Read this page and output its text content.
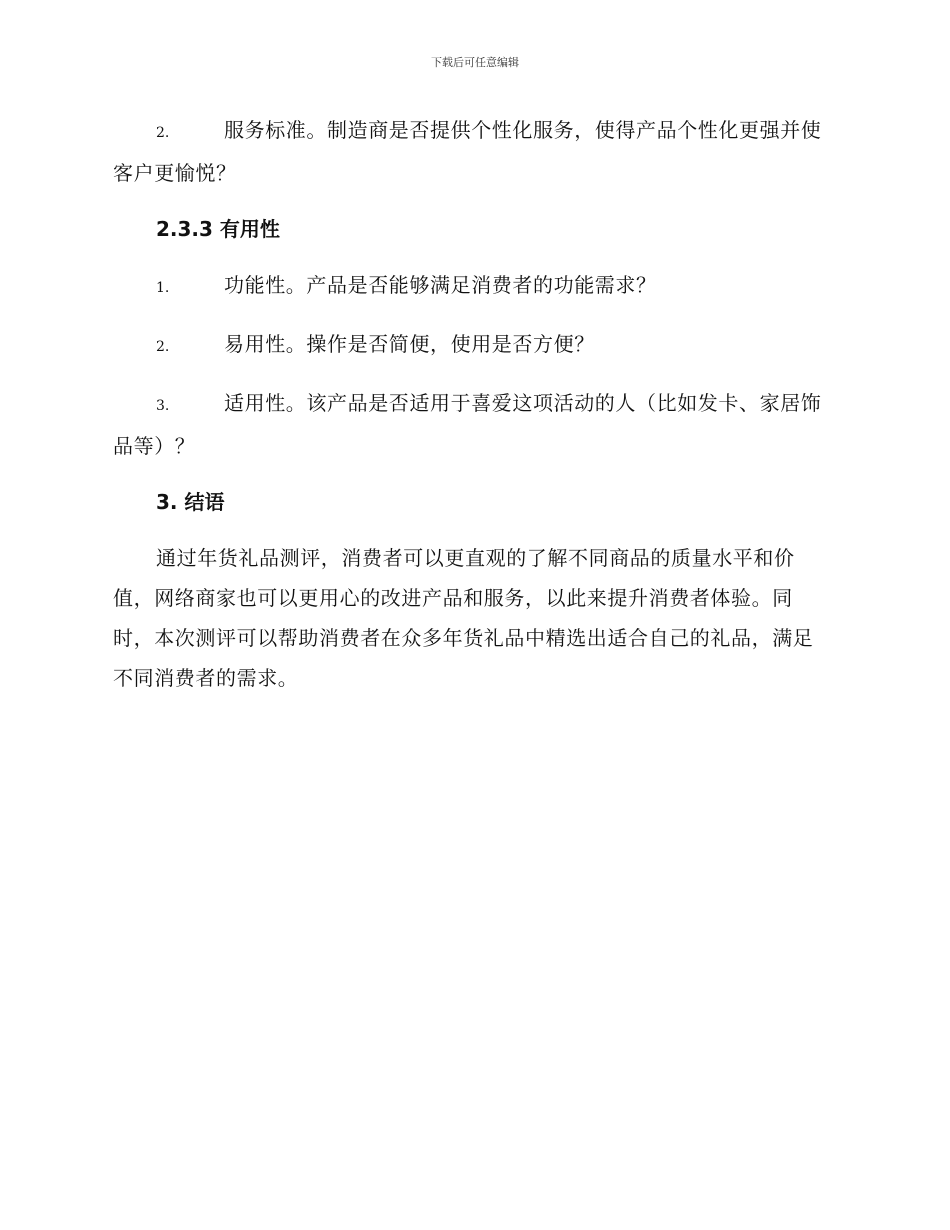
下载后可任意编辑

2.	服务标准。制造商是否提供个性化服务，使得产品个性化更强并使客户更愉悦？

2.3.3 有用性

1.	功能性。产品是否能够满足消费者的功能需求？

2.	易用性。操作是否简便，使用是否方便？

3.	适用性。该产品是否适用于喜爱这项活动的人（比如发卡、家居饰品等）？

3. 结语

通过年货礼品测评，消费者可以更直观的了解不同商品的质量水平和价值，网络商家也可以更用心的改进产品和服务，以此来提升消费者体验。同时，本次测评可以帮助消费者在众多年货礼品中精选出适合自己的礼品，满足不同消费者的需求。
